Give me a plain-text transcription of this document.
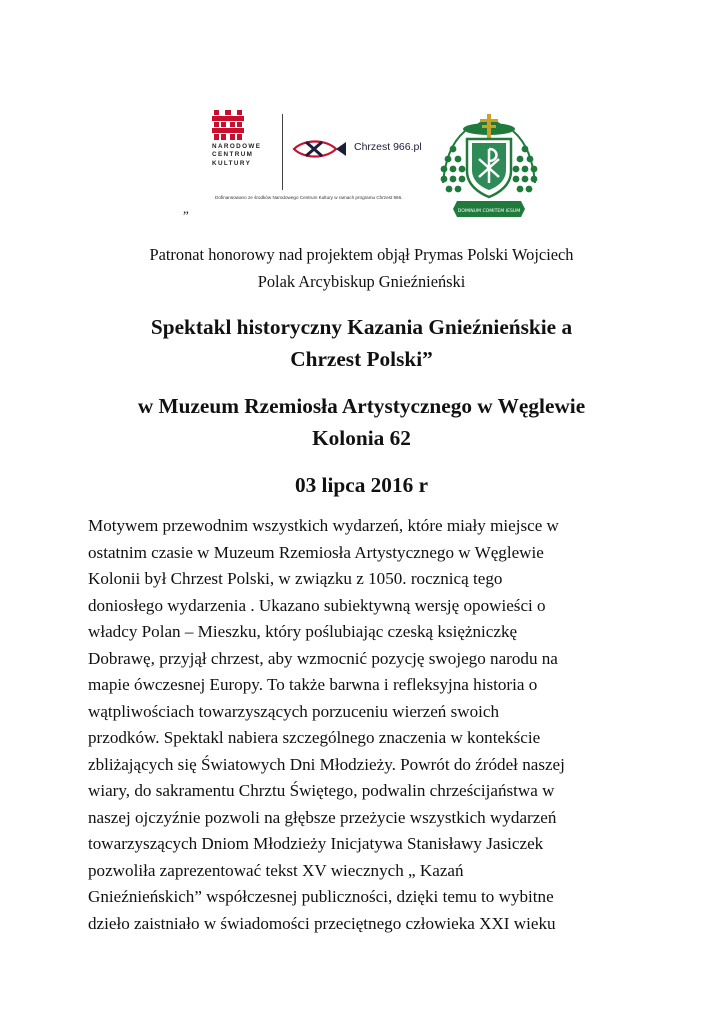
NARODOWE
CENTRUM
KULTURY
Chrzest 966.pl
Dofinansowano ze środków Narodowego Centrum Kultury w ramach programu Chrzest 966.
DOMINUM COMITEM IESUM
”
Patronat honorowy nad projektem objął Prymas Polski Wojciech
Polak Arcybiskup Gnieźnieński
Spektakl historyczny Kazania Gnieźnieńskie a
Chrzest Polski”
w Muzeum Rzemiosła Artystycznego w Węglewie
Kolonia 62
03 lipca 2016 r
Motywem przewodnim wszystkich wydarzeń, które miały miejsce w
ostatnim czasie w Muzeum Rzemiosła Artystycznego w Węglewie
Kolonii był Chrzest Polski, w związku z 1050. rocznicą tego
doniosłego wydarzenia . Ukazano subiektywną wersję opowieści o
władcy Polan – Mieszku, który poślubiając czeską księżniczkę
Dobrawę, przyjął chrzest, aby wzmocnić pozycję swojego narodu na
mapie ówczesnej Europy. To także barwna i refleksyjna historia o
wątpliwościach towarzyszących porzuceniu wierzeń swoich
przodków. Spektakl nabiera szczególnego znaczenia w kontekście
zbliżających się Światowych Dni Młodzieży. Powrót do źródeł naszej
wiary, do sakramentu Chrztu Świętego, podwalin chrześcijaństwa w
naszej ojczyźnie pozwoli na głębsze przeżycie wszystkich wydarzeń
towarzyszących Dniom Młodzieży Inicjatywa Stanisławy Jasiczek
pozwoliła zaprezentować tekst XV wiecznych „ Kazań
Gnieźnieńskich” współczesnej publiczności, dzięki temu to wybitne
dzieło zaistniało w świadomości przeciętnego człowieka XXI wieku
